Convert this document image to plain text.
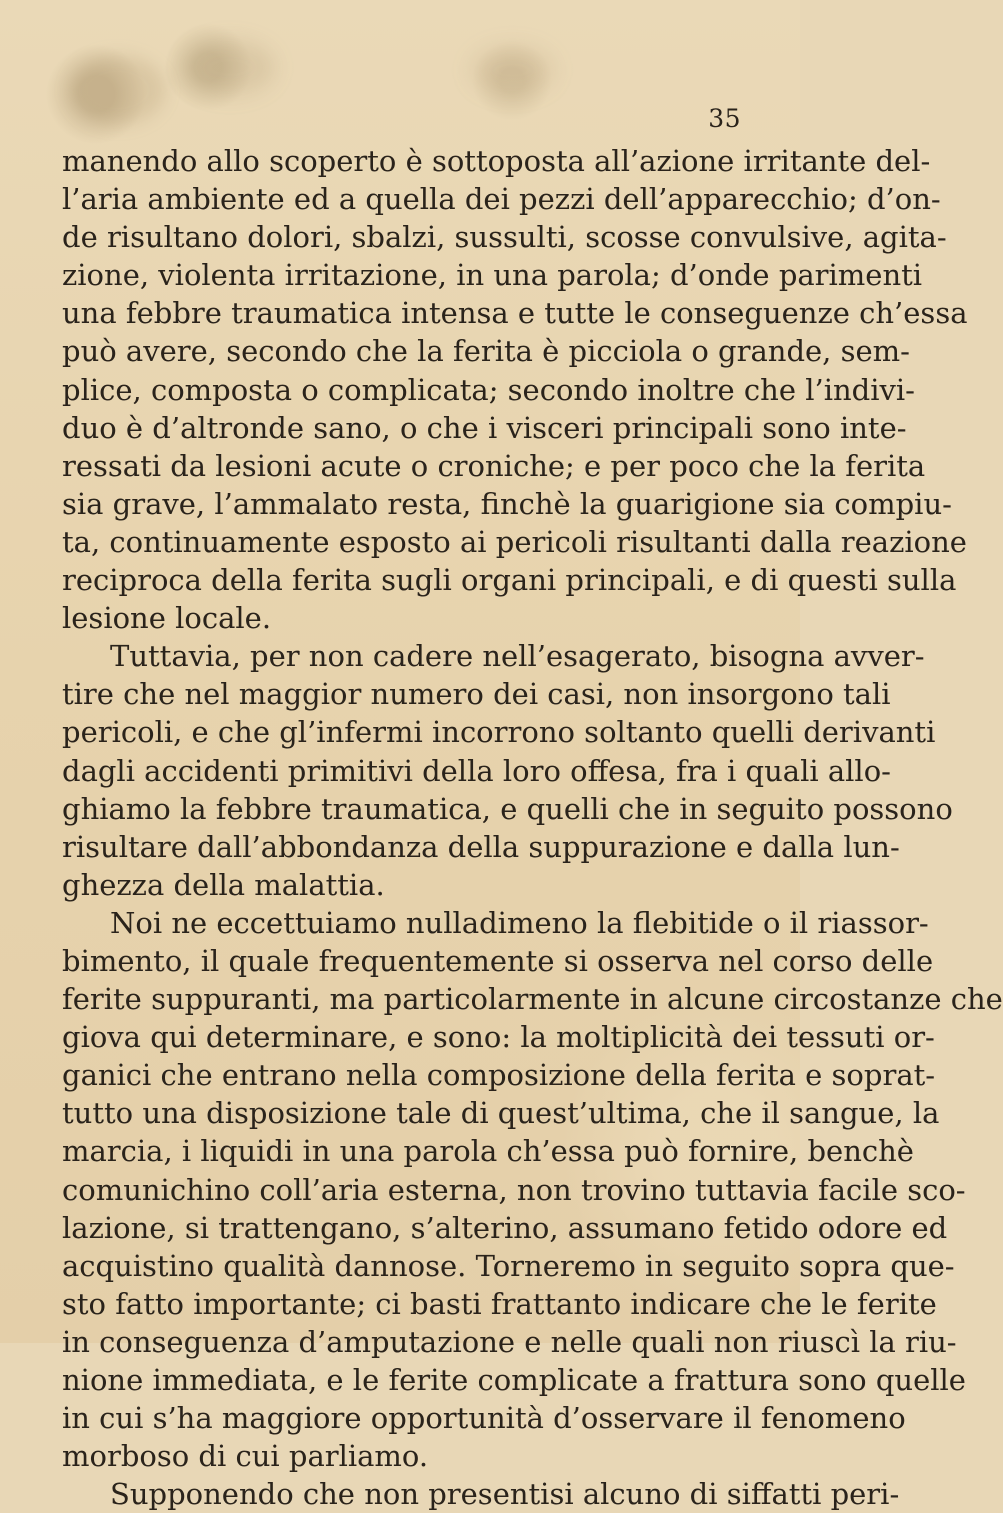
35
manendo allo scoperto è sottoposta all’azione irritante del-
l’aria ambiente ed a quella dei pezzi dell’apparecchio; d’on-
de risultano dolori, sbalzi, sussulti, scosse convulsive, agita-
zione, violenta irritazione, in una parola; d’onde parimenti
una febbre traumatica intensa e tutte le conseguenze ch’essa
può avere, secondo che la ferita è picciola o grande, sem-
plice, composta o complicata; secondo inoltre che l’indivi-
duo è d’altronde sano, o che i visceri principali sono inte-
ressati da lesioni acute o croniche; e per poco che la ferita
sia grave, l’ammalato resta, finchè la guarigione sia compiu-
ta, continuamente esposto ai pericoli risultanti dalla reazione
reciproca della ferita sugli organi principali, e di questi sulla
lesione locale.
Tuttavia, per non cadere nell’esagerato, bisogna avver-
tire che nel maggior numero dei casi, non insorgono tali
pericoli, e che gl’infermi incorrono soltanto quelli derivanti
dagli accidenti primitivi della loro offesa, fra i quali allo-
ghiamo la febbre traumatica, e quelli che in seguito possono
risultare dall’abbondanza della suppurazione e dalla lun-
ghezza della malattia.
Noi ne eccettuiamo nulladimeno la flebitide o il riassor-
bimento, il quale frequentemente si osserva nel corso delle
ferite suppuranti, ma particolarmente in alcune circostanze che
giova qui determinare, e sono: la moltiplicità dei tessuti or-
ganici che entrano nella composizione della ferita e soprat-
tutto una disposizione tale di quest’ultima, che il sangue, la
marcia, i liquidi in una parola ch’essa può fornire, benchè
comunichino coll’aria esterna, non trovino tuttavia facile sco-
lazione, si trattengano, s’alterino, assumano fetido odore ed
acquistino qualità dannose. Torneremo in seguito sopra que-
sto fatto importante; ci basti frattanto indicare che le ferite
in conseguenza d’amputazione e nelle quali non riuscì la riu-
nione immediata, e le ferite complicate a frattura sono quelle
in cui s’ha maggiore opportunità d’osservare il fenomeno
morboso di cui parliamo.
Supponendo che non presentisi alcuno di siffatti peri-
